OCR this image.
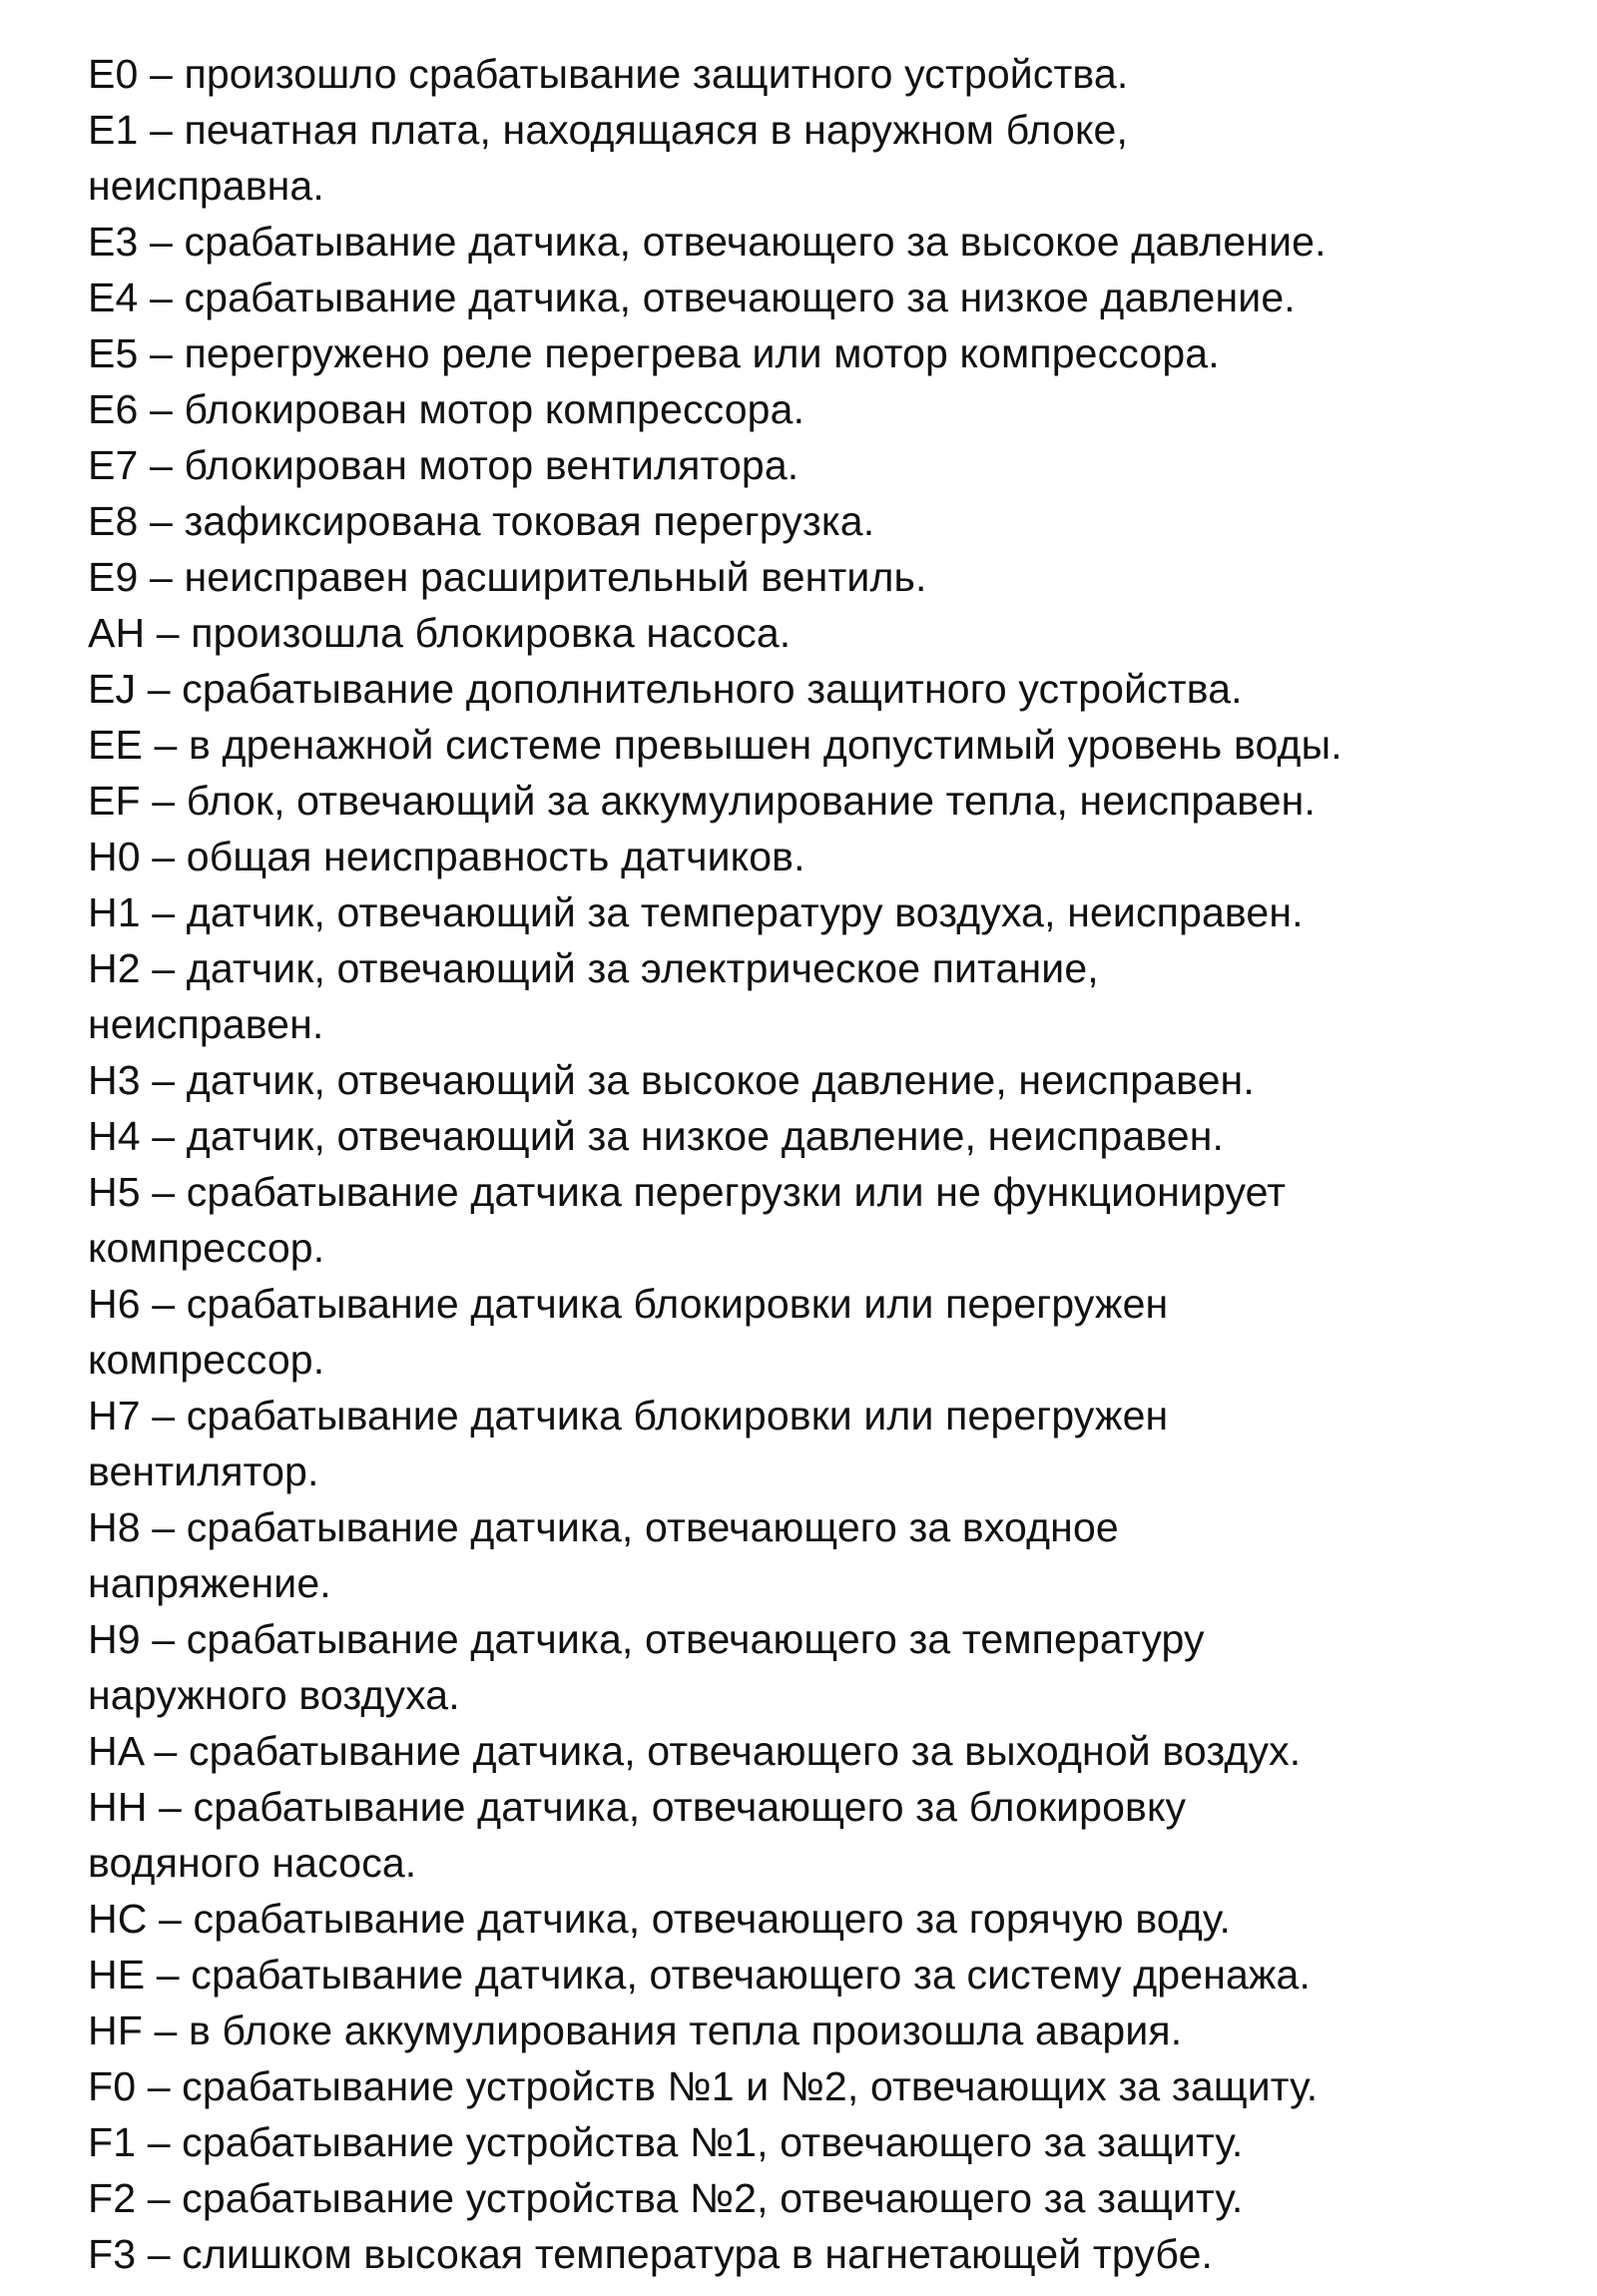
E0 – произошло срабатывание защитного устройства.

E1 – печатная плата, находящаяся в наружном блоке,
неисправна.

E3 – срабатывание датчика, отвечающего за высокое давление.

E4 – срабатывание датчика, отвечающего за низкое давление.

E5 – перегружено реле перегрева или мотор компрессора.

E6 – блокирован мотор компрессора.

E7 – блокирован мотор вентилятора.

E8 – зафиксирована токовая перегрузка.

E9 – неисправен расширительный вентиль.

AH – произошла блокировка насоса.

EJ – срабатывание дополнительного защитного устройства.

EE – в дренажной системе превышен допустимый уровень воды.

EF – блок, отвечающий за аккумулирование тепла, неисправен.

H0 – общая неисправность датчиков.

H1 – датчик, отвечающий за температуру воздуха, неисправен.

H2 – датчик, отвечающий за электрическое питание,
неисправен.

H3 – датчик, отвечающий за высокое давление, неисправен.

H4 – датчик, отвечающий за низкое давление, неисправен.

H5 – срабатывание датчика перегрузки или не функционирует
компрессор.

H6 – срабатывание датчика блокировки или перегружен
компрессор.

H7 – срабатывание датчика блокировки или перегружен
вентилятор.

H8 – срабатывание датчика, отвечающего за входное
напряжение.

H9 – срабатывание датчика, отвечающего за температуру
наружного воздуха.

HA – срабатывание датчика, отвечающего за выходной воздух.

HH – срабатывание датчика, отвечающего за блокировку
водяного насоса.

HC – срабатывание датчика, отвечающего за горячую воду.

HE – срабатывание датчика, отвечающего за систему дренажа.

HF – в блоке аккумулирования тепла произошла авария.

F0 – срабатывание устройств №1 и №2, отвечающих за защиту.

F1 – срабатывание устройства №1, отвечающего за защиту.

F2 – срабатывание устройства №2, отвечающего за защиту.

F3 – слишком высокая температура в нагнетающей трубе.
